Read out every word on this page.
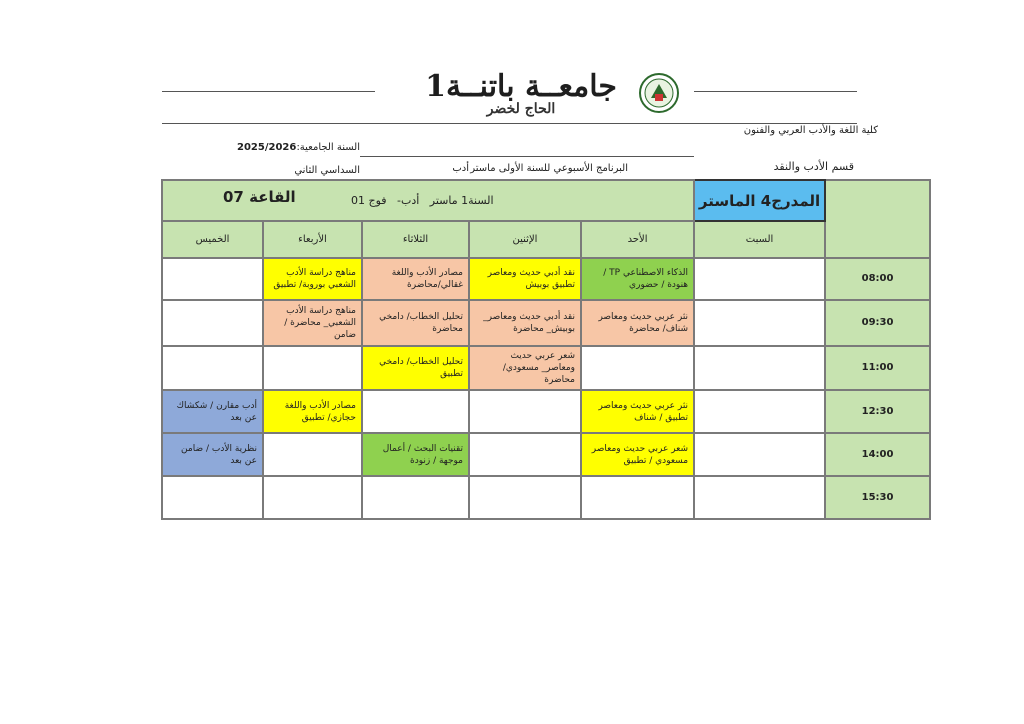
جامعــة باتنــة1
الحاج لخضر
كلية اللغة والأدب العربي والفنون
السنة الجامعية:
2025/2026
قسم الأدب والنقد
البرنامج الأسبوعي للسنة الأولى ماستر
أدب
السداسي الثاني
القاعة 07 السنة1 ماستر   أدب-   فوج 01					المدرج4 الماستر	
الخميس	الأربعاء	الثلاثاء	الإثنين	الأحد	السبت	

	مناهج دراسة الأدب الشعبي بوروبة/ تطبيق	مصادر الأدب واللغة غقالي/محاضرة	نقد أدبي حديث ومعاصر تطبيق بوبيش	الذكاء الاصطناعي TP / هنودة / حضوري		08:00

	مناهج دراسة الأدب الشعبي_ محاضرة / ضامن	تحليل الخطاب/ دامخي محاضرة	نقد أدبي حديث ومعاصر_ بوبيش_ محاضرة	نثر عربي حديث ومعاصر شناف/ محاضرة		09:30

		تحليل الخطاب/ دامخي تطبيق	شعر عربي حديث ومعاصر_ مسعودي/ محاضرة			11:00

أدب مقارن / شكشاك عن بعد	مصادر الأدب واللغة حجازي/ تطبيق			نثر عربي حديث ومعاصر تطبيق / شناف		12:30

نظرية الأدب / ضامن عن بعد		تقنيات البحث / أعمال موجهة / زنودة		شعر عربي حديث ومعاصر مسعودي / تطبيق		14:00

	15:30
